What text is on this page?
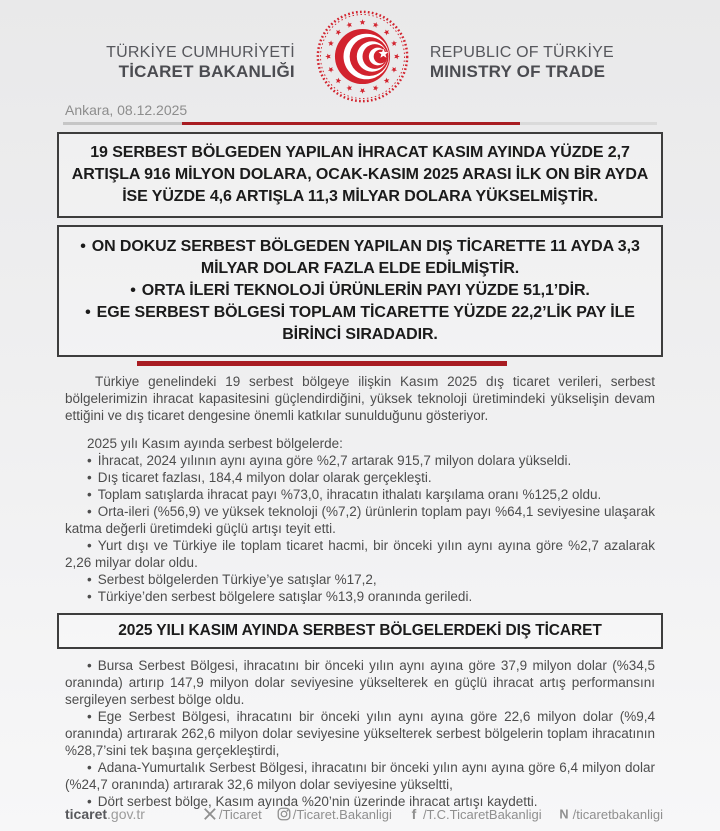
TÜRKİYE CUMHURİYETİ
TİCARET BAKANLIĞI
REPUBLIC OF TÜRKİYE
MINISTRY OF TRADE
Ankara, 08.12.2025

19 SERBEST BÖLGEDEN YAPILAN İHRACAT KASIM AYINDA YÜZDE 2,7 ARTIŞLA 916 MİLYON DOLARA, OCAK-KASIM 2025 ARASI İLK ON BİR AYDA İSE YÜZDE 4,6 ARTIŞLA 11,3 MİLYAR DOLARA YÜKSELMİŞTİR.

• ON DOKUZ SERBEST BÖLGEDEN YAPILAN DIŞ TİCARETTE 11 AYDA 3,3 MİLYAR DOLAR FAZLA ELDE EDİLMİŞTİR.

• ORTA İLERİ TEKNOLOJİ ÜRÜNLERİN PAYI YÜZDE 51,1’DİR.

• EGE SERBEST BÖLGESİ TOPLAM TİCARETTE YÜZDE 22,2’LİK PAY İLE BİRİNCİ SIRADADIR.

Türkiye genelindeki 19 serbest bölgeye ilişkin Kasım 2025 dış ticaret verileri, serbest bölgelerimizin ihracat kapasitesini güçlendirdiğini, yüksek teknoloji üretimindeki yükselişin devam ettiğini ve dış ticaret dengesine önemli katkılar sunulduğunu gösteriyor.

2025 yılı Kasım ayında serbest bölgelerde:

• İhracat, 2024 yılının aynı ayına göre %2,7 artarak 915,7 milyon dolara yükseldi.

• Dış ticaret fazlası, 184,4 milyon dolar olarak gerçekleşti.

• Toplam satışlarda ihracat payı %73,0, ihracatın ithalatı karşılama oranı %125,2 oldu.

• Orta-ileri (%56,9) ve yüksek teknoloji (%7,2) ürünlerin toplam payı %64,1 seviyesine ulaşarak katma değerli üretimdeki güçlü artışı teyit etti.

• Yurt dışı ve Türkiye ile toplam ticaret hacmi, bir önceki yılın aynı ayına göre %2,7 azalarak 2,26 milyar dolar oldu.

• Serbest bölgelerden Türkiye’ye satışlar %17,2,

• Türkiye’den serbest bölgelere satışlar %13,9 oranında geriledi.

2025 YILI KASIM AYINDA SERBEST BÖLGELERDEKİ DIŞ TİCARET

• Bursa Serbest Bölgesi, ihracatını bir önceki yılın aynı ayına göre 37,9 milyon dolar (%34,5 oranında) artırıp 147,9 milyon dolar seviyesine yükselterek en güçlü ihracat artış performansını sergileyen serbest bölge oldu.

• Ege Serbest Bölgesi, ihracatını bir önceki yılın aynı ayına göre 22,6 milyon dolar (%9,4 oranında) artırarak 262,6 milyon dolar seviyesine yükselterek serbest bölgelerin toplam ihracatının %28,7’sini tek başına gerçekleştirdi,

• Adana-Yumurtalık Serbest Bölgesi, ihracatını bir önceki yılın aynı ayına göre 6,4 milyon dolar (%24,7 oranında) artırarak 32,6 milyon dolar seviyesine yükseltti,

• Dört serbest bölge, Kasım ayında %20’nin üzerinde ihracat artışı kaydetti.

ticaret.gov.tr	/Ticaret /Ticaret.Bakanligi f /T.C.TicaretBakanligi N /ticaretbakanligi
